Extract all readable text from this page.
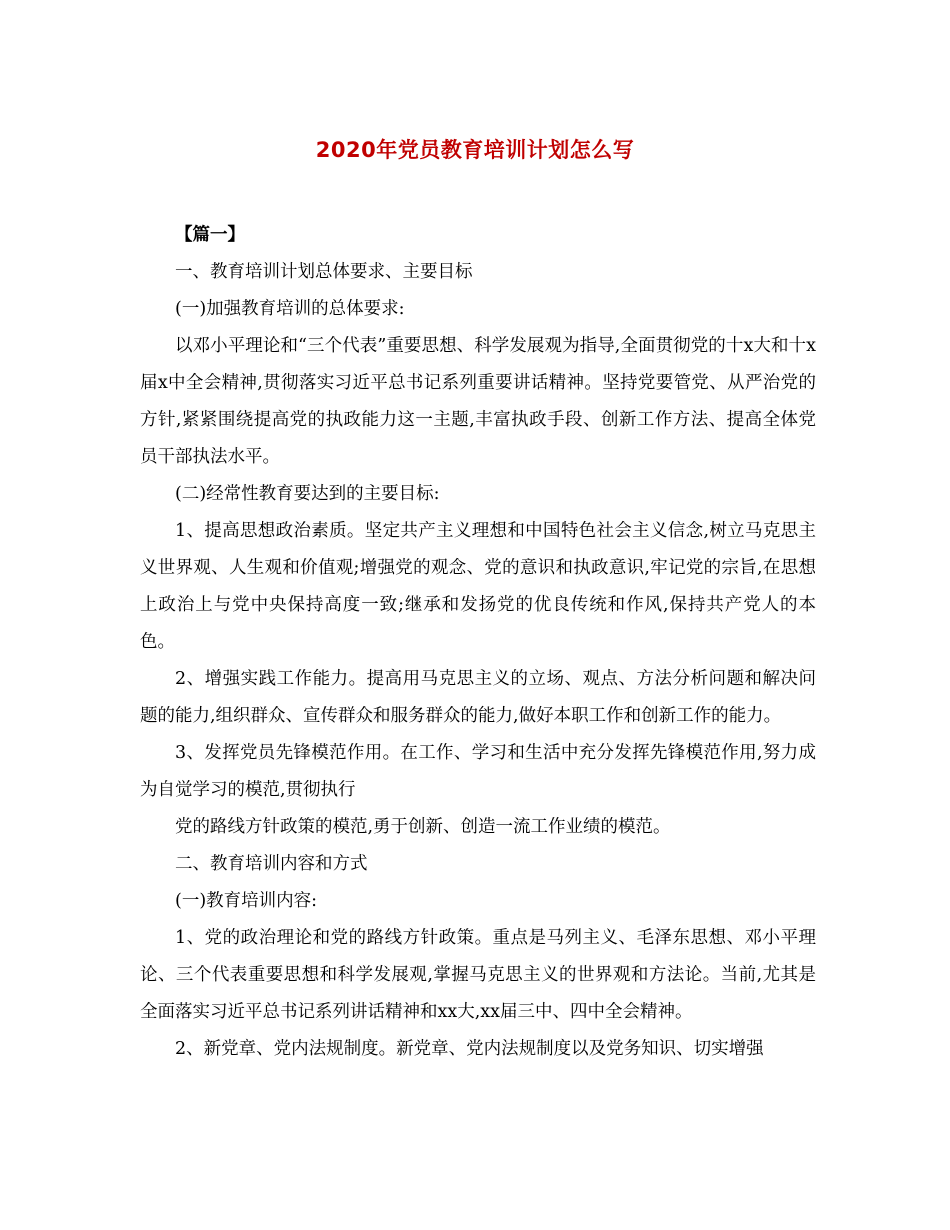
2020年党员教育培训计划怎么写

【篇一】

一、教育培训计划总体要求、主要目标

(一)加强教育培训的总体要求:

以邓小平理论和“三个代表”重要思想、科学发展观为指导,全面贯彻党的十x大和十x届x中全会精神,贯彻落实习近平总书记系列重要讲话精神。坚持党要管党、从严治党的方针,紧紧围绕提高党的执政能力这一主题,丰富执政手段、创新工作方法、提高全体党员干部执法水平。

(二)经常性教育要达到的主要目标:

1、提高思想政治素质。坚定共产主义理想和中国特色社会主义信念,树立马克思主义世界观、人生观和价值观;增强党的观念、党的意识和执政意识,牢记党的宗旨,在思想上政治上与党中央保持高度一致;继承和发扬党的优良传统和作风,保持共产党人的本色。

2、增强实践工作能力。提高用马克思主义的立场、观点、方法分析问题和解决问题的能力,组织群众、宣传群众和服务群众的能力,做好本职工作和创新工作的能力。

3、发挥党员先锋模范作用。在工作、学习和生活中充分发挥先锋模范作用,努力成为自觉学习的模范,贯彻执行

党的路线方针政策的模范,勇于创新、创造一流工作业绩的模范。

二、教育培训内容和方式

(一)教育培训内容:

1、党的政治理论和党的路线方针政策。重点是马列主义、毛泽东思想、邓小平理论、三个代表重要思想和科学发展观,掌握马克思主义的世界观和方法论。当前,尤其是全面落实习近平总书记系列讲话精神和xx大,xx届三中、四中全会精神。

2、新党章、党内法规制度。新党章、党内法规制度以及党务知识、切实增强
